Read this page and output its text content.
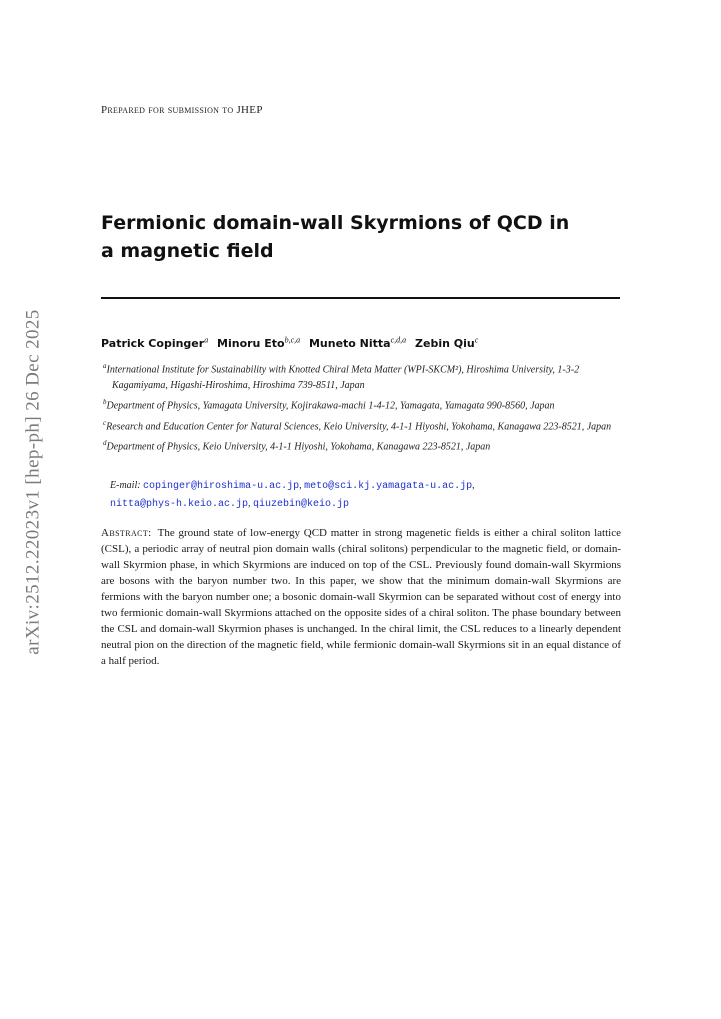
arXiv:2512.22023v1 [hep-ph] 26 Dec 2025
Prepared for submission to JHEP
Fermionic domain-wall Skyrmions of QCD in a magnetic field
Patrick Copinger$^a$ Minoru Eto$^{b,c,a}$ Muneto Nitta$^{c,d,a}$ Zebin Qiu$^c$
$^a$International Institute for Sustainability with Knotted Chiral Meta Matter (WPI-SKCM²), Hiroshima University, 1-3-2 Kagamiyama, Higashi-Hiroshima, Hiroshima 739-8511, Japan
$^b$Department of Physics, Yamagata University, Kojirakawa-machi 1-4-12, Yamagata, Yamagata 990-8560, Japan
$^c$Research and Education Center for Natural Sciences, Keio University, 4-1-1 Hiyoshi, Yokohama, Kanagawa 223-8521, Japan
$^d$Department of Physics, Keio University, 4-1-1 Hiyoshi, Yokohama, Kanagawa 223-8521, Japan
E-mail: copinger@hiroshima-u.ac.jp, meto@sci.kj.yamagata-u.ac.jp,
nitta@phys-h.keio.ac.jp, qiuzebin@keio.jp
Abstract: The ground state of low-energy QCD matter in strong magenetic fields is either a chiral soliton lattice (CSL), a periodic array of neutral pion domain walls (chiral solitons) perpendicular to the magnetic field, or domain-wall Skyrmion phase, in which Skyrmions are induced on top of the CSL. Previously found domain-wall Skyrmions are bosons with the baryon number two. In this paper, we show that the minimum domain-wall Skyrmions are fermions with the baryon number one; a bosonic domain-wall Skyrmion can be separated without cost of energy into two fermionic domain-wall Skyrmions attached on the opposite sides of a chiral soliton. The phase boundary between the CSL and domain-wall Skyrmion phases is unchanged. In the chiral limit, the CSL reduces to a linearly dependent neutral pion on the direction of the magnetic field, while fermionic domain-wall Skyrmions sit in an equal distance of a half period.
